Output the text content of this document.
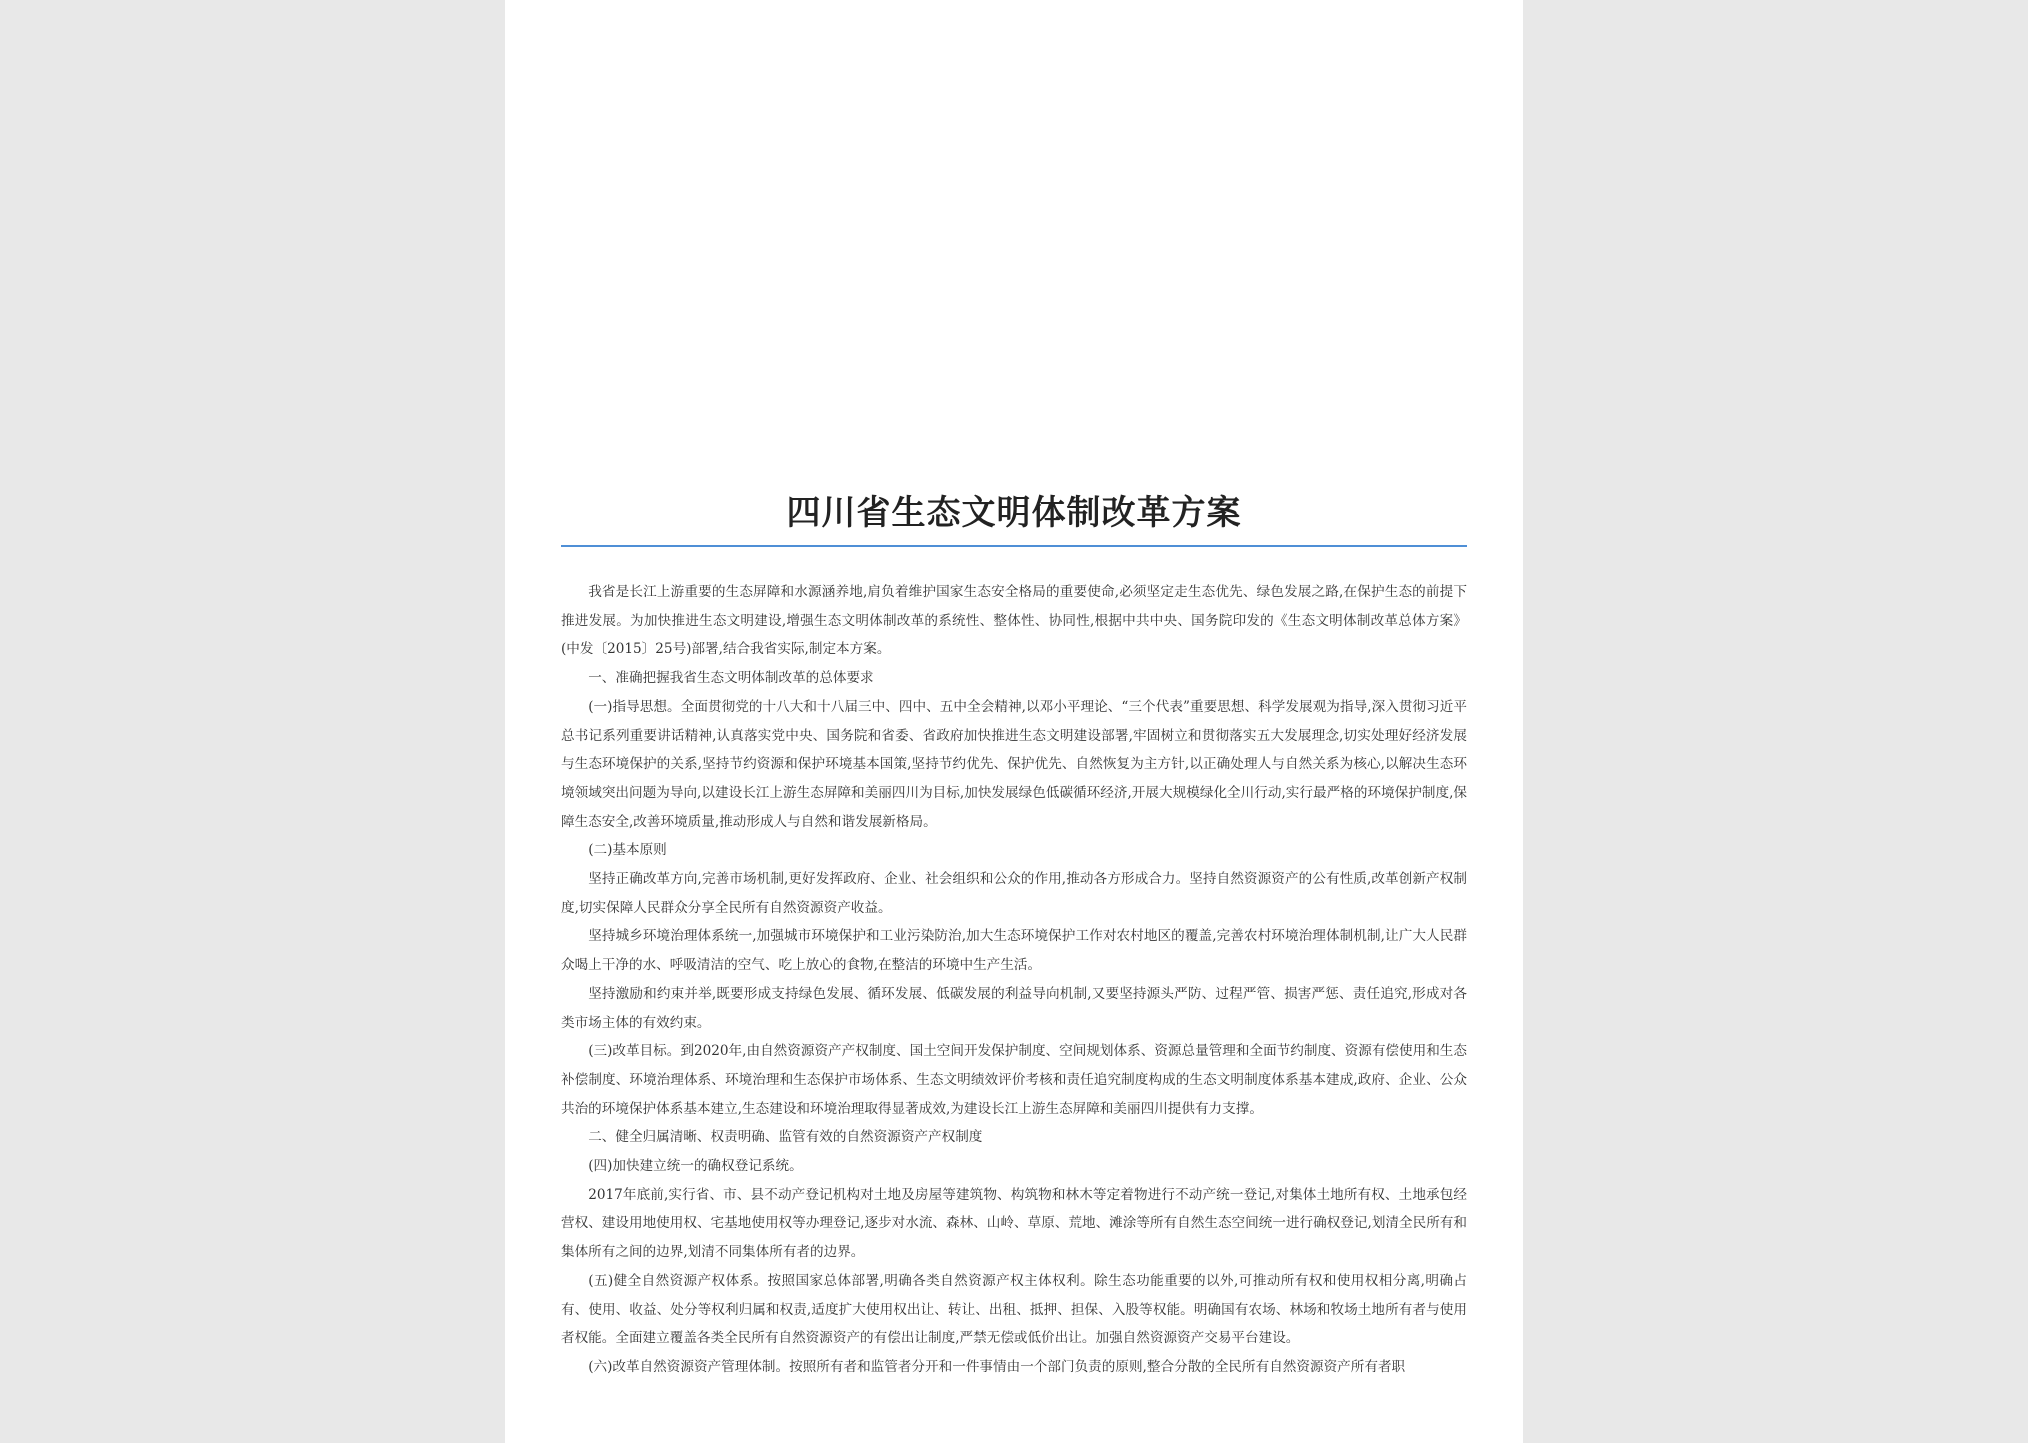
四川省生态文明体制改革方案

我省是长江上游重要的生态屏障和水源涵养地,肩负着维护国家生态安全格局的重要使命,必须坚定走生态优先、绿色发展之路,在保护生态的前提下推进发展。为加快推进生态文明建设,增强生态文明体制改革的系统性、整体性、协同性,根据中共中央、国务院印发的《生态文明体制改革总体方案》(中发〔2015〕25号)部署,结合我省实际,制定本方案。

一、准确把握我省生态文明体制改革的总体要求

(一)指导思想。全面贯彻党的十八大和十八届三中、四中、五中全会精神,以邓小平理论、“三个代表”重要思想、科学发展观为指导,深入贯彻习近平总书记系列重要讲话精神,认真落实党中央、国务院和省委、省政府加快推进生态文明建设部署,牢固树立和贯彻落实五大发展理念,切实处理好经济发展与生态环境保护的关系,坚持节约资源和保护环境基本国策,坚持节约优先、保护优先、自然恢复为主方针,以正确处理人与自然关系为核心,以解决生态环境领域突出问题为导向,以建设长江上游生态屏障和美丽四川为目标,加快发展绿色低碳循环经济,开展大规模绿化全川行动,实行最严格的环境保护制度,保障生态安全,改善环境质量,推动形成人与自然和谐发展新格局。

(二)基本原则

坚持正确改革方向,完善市场机制,更好发挥政府、企业、社会组织和公众的作用,推动各方形成合力。坚持自然资源资产的公有性质,改革创新产权制度,切实保障人民群众分享全民所有自然资源资产收益。

坚持城乡环境治理体系统一,加强城市环境保护和工业污染防治,加大生态环境保护工作对农村地区的覆盖,完善农村环境治理体制机制,让广大人民群众喝上干净的水、呼吸清洁的空气、吃上放心的食物,在整洁的环境中生产生活。

坚持激励和约束并举,既要形成支持绿色发展、循环发展、低碳发展的利益导向机制,又要坚持源头严防、过程严管、损害严惩、责任追究,形成对各类市场主体的有效约束。

(三)改革目标。到2020年,由自然资源资产产权制度、国土空间开发保护制度、空间规划体系、资源总量管理和全面节约制度、资源有偿使用和生态补偿制度、环境治理体系、环境治理和生态保护市场体系、生态文明绩效评价考核和责任追究制度构成的生态文明制度体系基本建成,政府、企业、公众共治的环境保护体系基本建立,生态建设和环境治理取得显著成效,为建设长江上游生态屏障和美丽四川提供有力支撑。

二、健全归属清晰、权责明确、监管有效的自然资源资产产权制度

(四)加快建立统一的确权登记系统。

2017年底前,实行省、市、县不动产登记机构对土地及房屋等建筑物、构筑物和林木等定着物进行不动产统一登记,对集体土地所有权、土地承包经营权、建设用地使用权、宅基地使用权等办理登记,逐步对水流、森林、山岭、草原、荒地、滩涂等所有自然生态空间统一进行确权登记,划清全民所有和集体所有之间的边界,划清不同集体所有者的边界。

(五)健全自然资源产权体系。按照国家总体部署,明确各类自然资源产权主体权利。除生态功能重要的以外,可推动所有权和使用权相分离,明确占有、使用、收益、处分等权利归属和权责,适度扩大使用权出让、转让、出租、抵押、担保、入股等权能。明确国有农场、林场和牧场土地所有者与使用者权能。全面建立覆盖各类全民所有自然资源资产的有偿出让制度,严禁无偿或低价出让。加强自然资源资产交易平台建设。

(六)改革自然资源资产管理体制。按照所有者和监管者分开和一件事情由一个部门负责的原则,整合分散的全民所有自然资源资产所有者职
